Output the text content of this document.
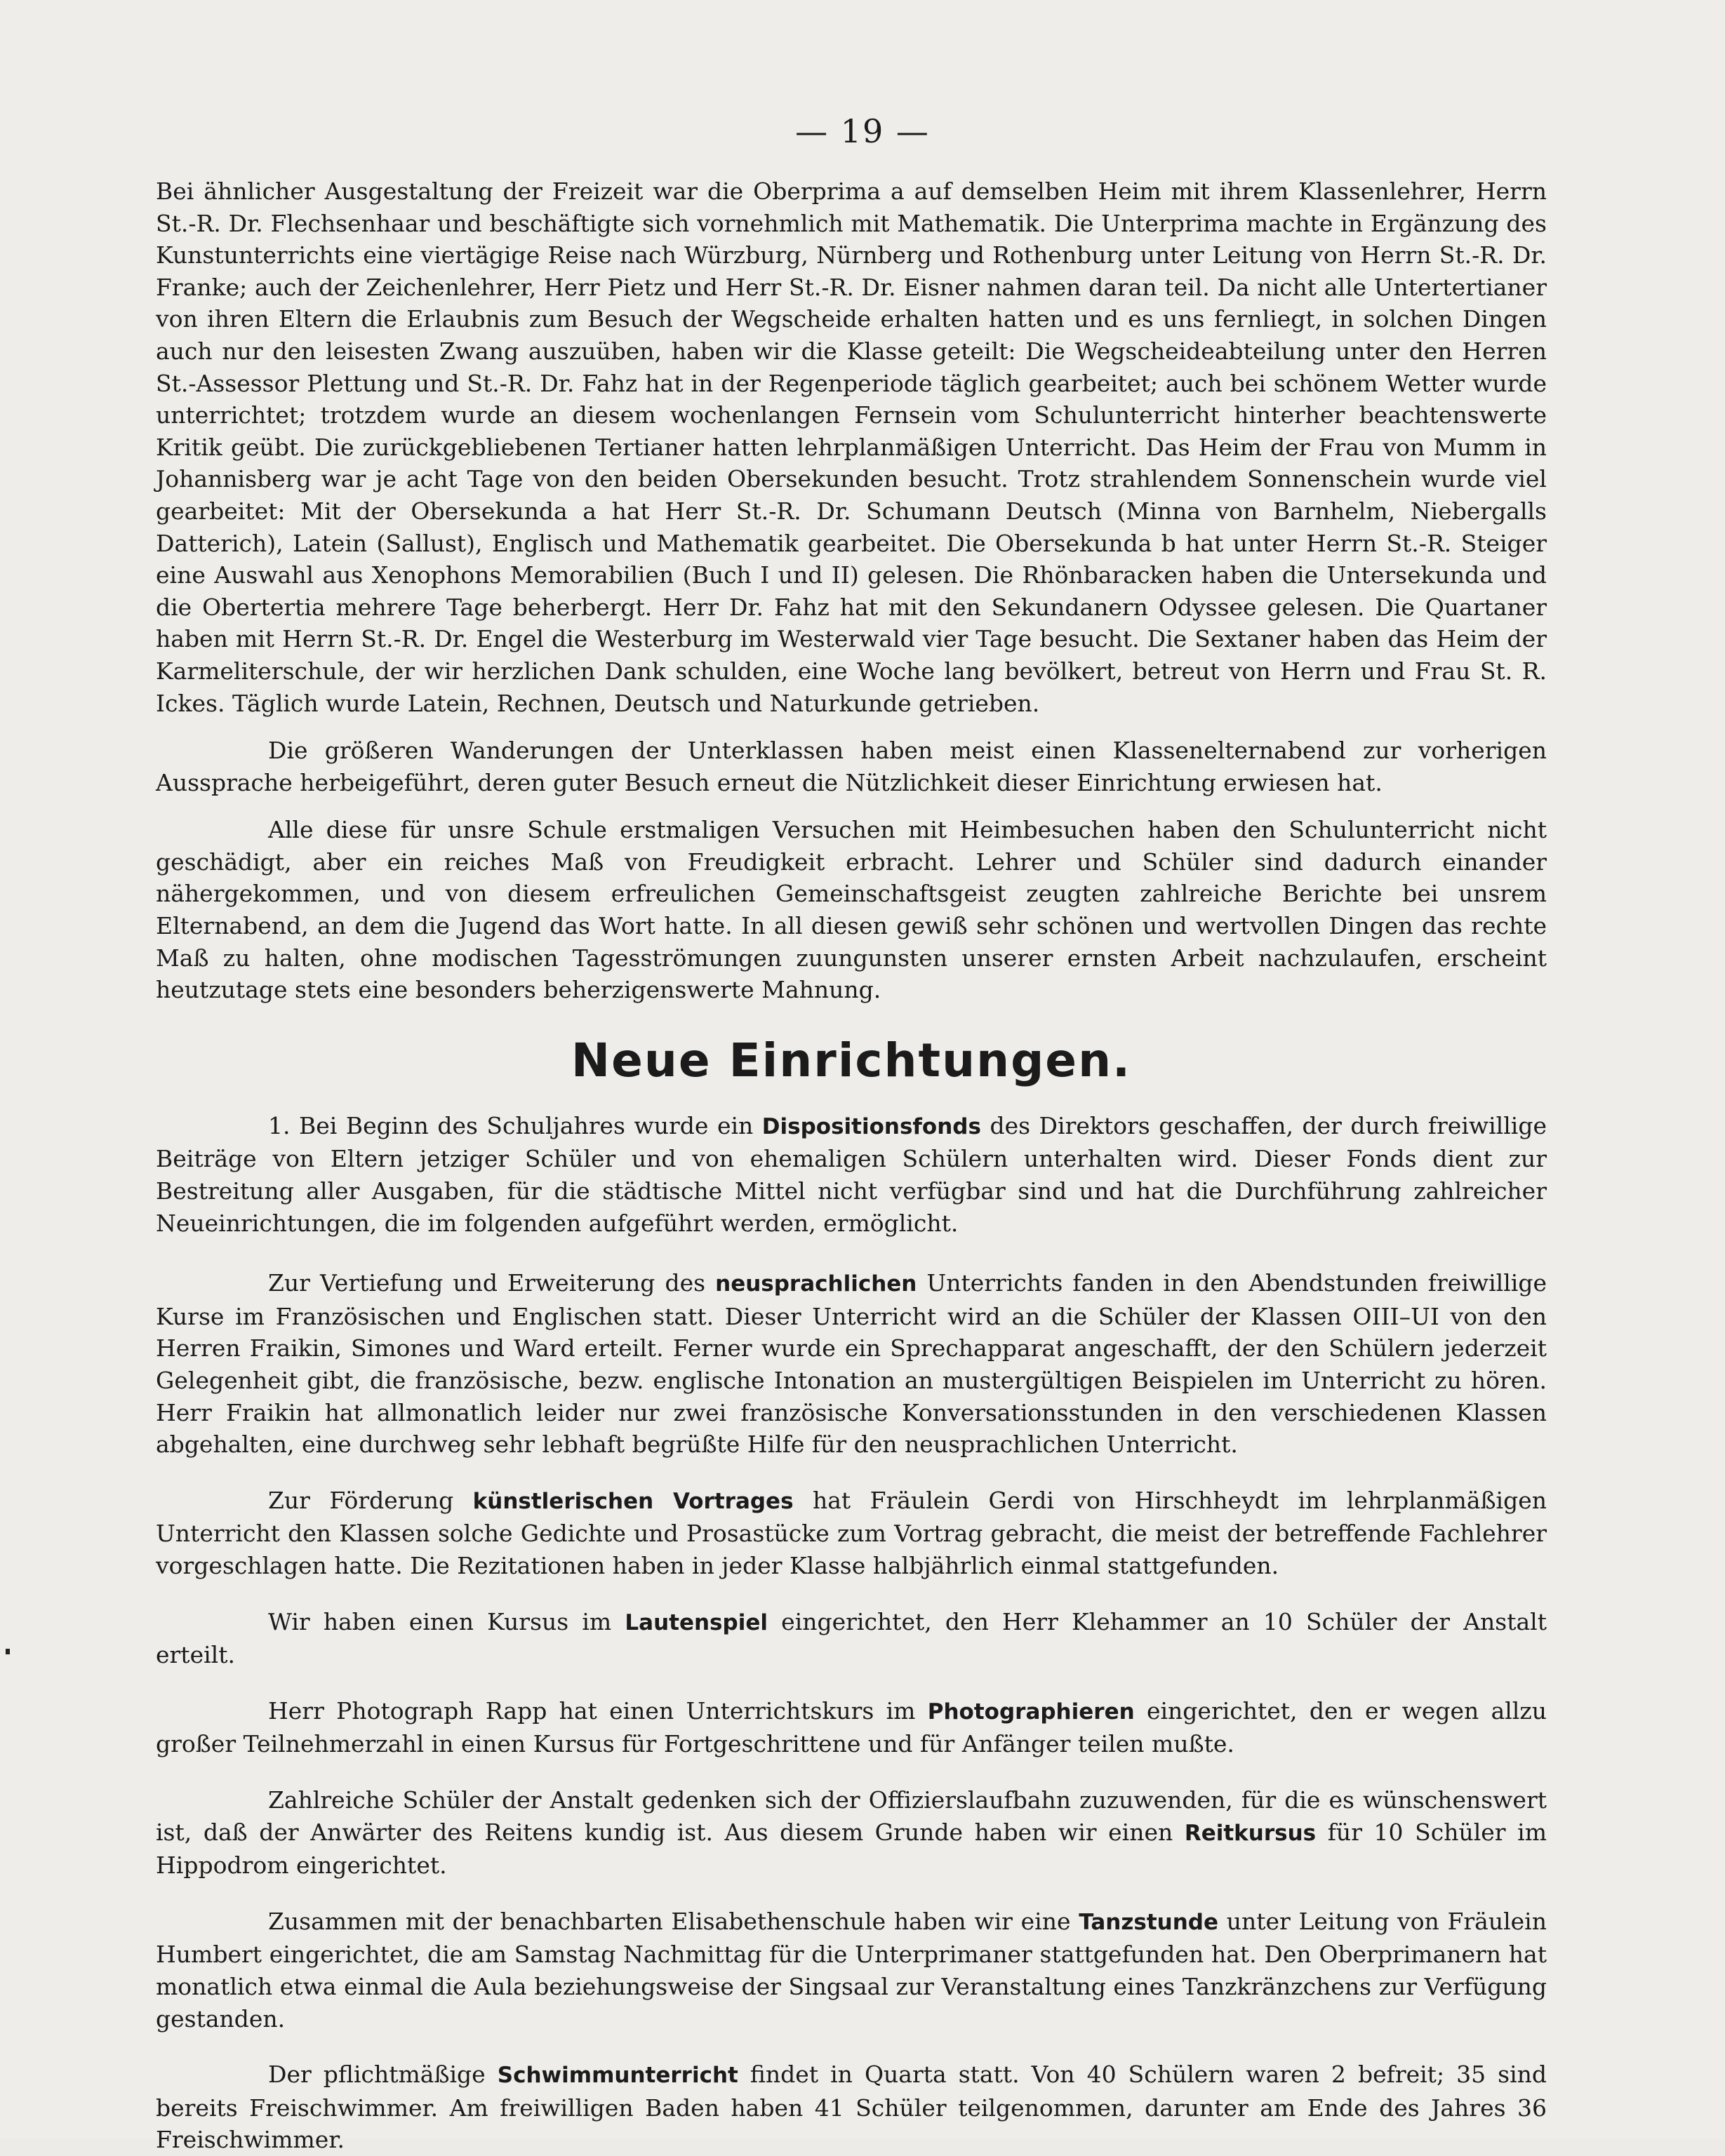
— 19 —

Bei ähnlicher Ausgestaltung der Freizeit war die Oberprima a auf demselben Heim mit ihrem Klassenlehrer, Herrn St.-R. Dr. Flechsenhaar und beschäftigte sich vornehmlich mit Mathematik. Die Unterprima machte in Ergänzung des Kunstunterrichts eine viertägige Reise nach Würzburg, Nürnberg und Rothenburg unter Leitung von Herrn St.-R. Dr. Franke; auch der Zeichenlehrer, Herr Pietz und Herr St.-R. Dr. Eisner nahmen daran teil. Da nicht alle Untertertianer von ihren Eltern die Erlaubnis zum Besuch der Wegscheide erhalten hatten und es uns fernliegt, in solchen Dingen auch nur den leisesten Zwang auszuüben, haben wir die Klasse geteilt: Die Wegscheideabteilung unter den Herren St.-Assessor Plettung und St.-R. Dr. Fahz hat in der Regenperiode täglich gearbeitet; auch bei schönem Wetter wurde unterrichtet; trotzdem wurde an diesem wochenlangen Fernsein vom Schulunterricht hinterher beachtenswerte Kritik geübt. Die zurückgebliebenen Tertianer hatten lehrplanmäßigen Unterricht. Das Heim der Frau von Mumm in Johannisberg war je acht Tage von den beiden Obersekunden besucht. Trotz strahlendem Sonnenschein wurde viel gearbeitet: Mit der Obersekunda a hat Herr St.-R. Dr. Schumann Deutsch (Minna von Barnhelm, Niebergalls Datterich), Latein (Sallust), Englisch und Mathematik gearbeitet. Die Obersekunda b hat unter Herrn St.-R. Steiger eine Auswahl aus Xenophons Memorabilien (Buch I und II) gelesen. Die Rhönbaracken haben die Untersekunda und die Obertertia mehrere Tage beherbergt. Herr Dr. Fahz hat mit den Sekundanern Odyssee gelesen. Die Quartaner haben mit Herrn St.-R. Dr. Engel die Westerburg im Westerwald vier Tage besucht. Die Sextaner haben das Heim der Karmeliterschule, der wir herzlichen Dank schulden, eine Woche lang bevölkert, betreut von Herrn und Frau St. R. Ickes. Täglich wurde Latein, Rechnen, Deutsch und Naturkunde getrieben.

Die größeren Wanderungen der Unterklassen haben meist einen Klassenelternabend zur vorherigen Aussprache herbeigeführt, deren guter Besuch erneut die Nützlichkeit dieser Einrichtung erwiesen hat.

Alle diese für unsre Schule erstmaligen Versuchen mit Heimbesuchen haben den Schulunterricht nicht geschädigt, aber ein reiches Maß von Freudigkeit erbracht. Lehrer und Schüler sind dadurch einander nähergekommen, und von diesem erfreulichen Gemeinschaftsgeist zeugten zahlreiche Berichte bei unsrem Elternabend, an dem die Jugend das Wort hatte. In all diesen gewiß sehr schönen und wertvollen Dingen das rechte Maß zu halten, ohne modischen Tagesströmungen zuungunsten unserer ernsten Arbeit nachzulaufen, erscheint heutzutage stets eine besonders beherzigenswerte Mahnung.

Neue Einrichtungen.

1. Bei Beginn des Schuljahres wurde ein Dispositionsfonds des Direktors geschaffen, der durch freiwillige Beiträge von Eltern jetziger Schüler und von ehemaligen Schülern unterhalten wird. Dieser Fonds dient zur Bestreitung aller Ausgaben, für die städtische Mittel nicht verfügbar sind und hat die Durchführung zahlreicher Neueinrichtungen, die im folgenden aufgeführt werden, ermöglicht.

Zur Vertiefung und Erweiterung des neusprachlichen Unterrichts fanden in den Abendstunden freiwillige Kurse im Französischen und Englischen statt. Dieser Unterricht wird an die Schüler der Klassen OIII–UI von den Herren Fraikin, Simones und Ward erteilt. Ferner wurde ein Sprechapparat angeschafft, der den Schülern jederzeit Gelegenheit gibt, die französische, bezw. englische Intonation an mustergültigen Beispielen im Unterricht zu hören. Herr Fraikin hat allmonatlich leider nur zwei französische Konversationsstunden in den verschiedenen Klassen abgehalten, eine durchweg sehr lebhaft begrüßte Hilfe für den neusprachlichen Unterricht.

Zur Förderung künstlerischen Vortrages hat Fräulein Gerdi von Hirschheydt im lehrplanmäßigen Unterricht den Klassen solche Gedichte und Prosastücke zum Vortrag gebracht, die meist der betreffende Fachlehrer vorgeschlagen hatte. Die Rezitationen haben in jeder Klasse halbjährlich einmal stattgefunden.

Wir haben einen Kursus im Lautenspiel eingerichtet, den Herr Klehammer an 10 Schüler der Anstalt erteilt.

Herr Photograph Rapp hat einen Unterrichtskurs im Photographieren eingerichtet, den er wegen allzu großer Teilnehmerzahl in einen Kursus für Fortgeschrittene und für Anfänger teilen mußte.

Zahlreiche Schüler der Anstalt gedenken sich der Offizierslaufbahn zuzuwenden, für die es wünschenswert ist, daß der Anwärter des Reitens kundig ist. Aus diesem Grunde haben wir einen Reitkursus für 10 Schüler im Hippodrom eingerichtet.

Zusammen mit der benachbarten Elisabethenschule haben wir eine Tanzstunde unter Leitung von Fräulein Humbert eingerichtet, die am Samstag Nachmittag für die Unterprimaner stattgefunden hat. Den Oberprimanern hat monatlich etwa einmal die Aula beziehungsweise der Singsaal zur Veranstaltung eines Tanzkränzchens zur Verfügung gestanden.

Der pflichtmäßige Schwimmunterricht findet in Quarta statt. Von 40 Schülern waren 2 befreit; 35 sind bereits Freischwimmer. Am freiwilligen Baden haben 41 Schüler teilgenommen, darunter am Ende des Jahres 36 Freischwimmer.
